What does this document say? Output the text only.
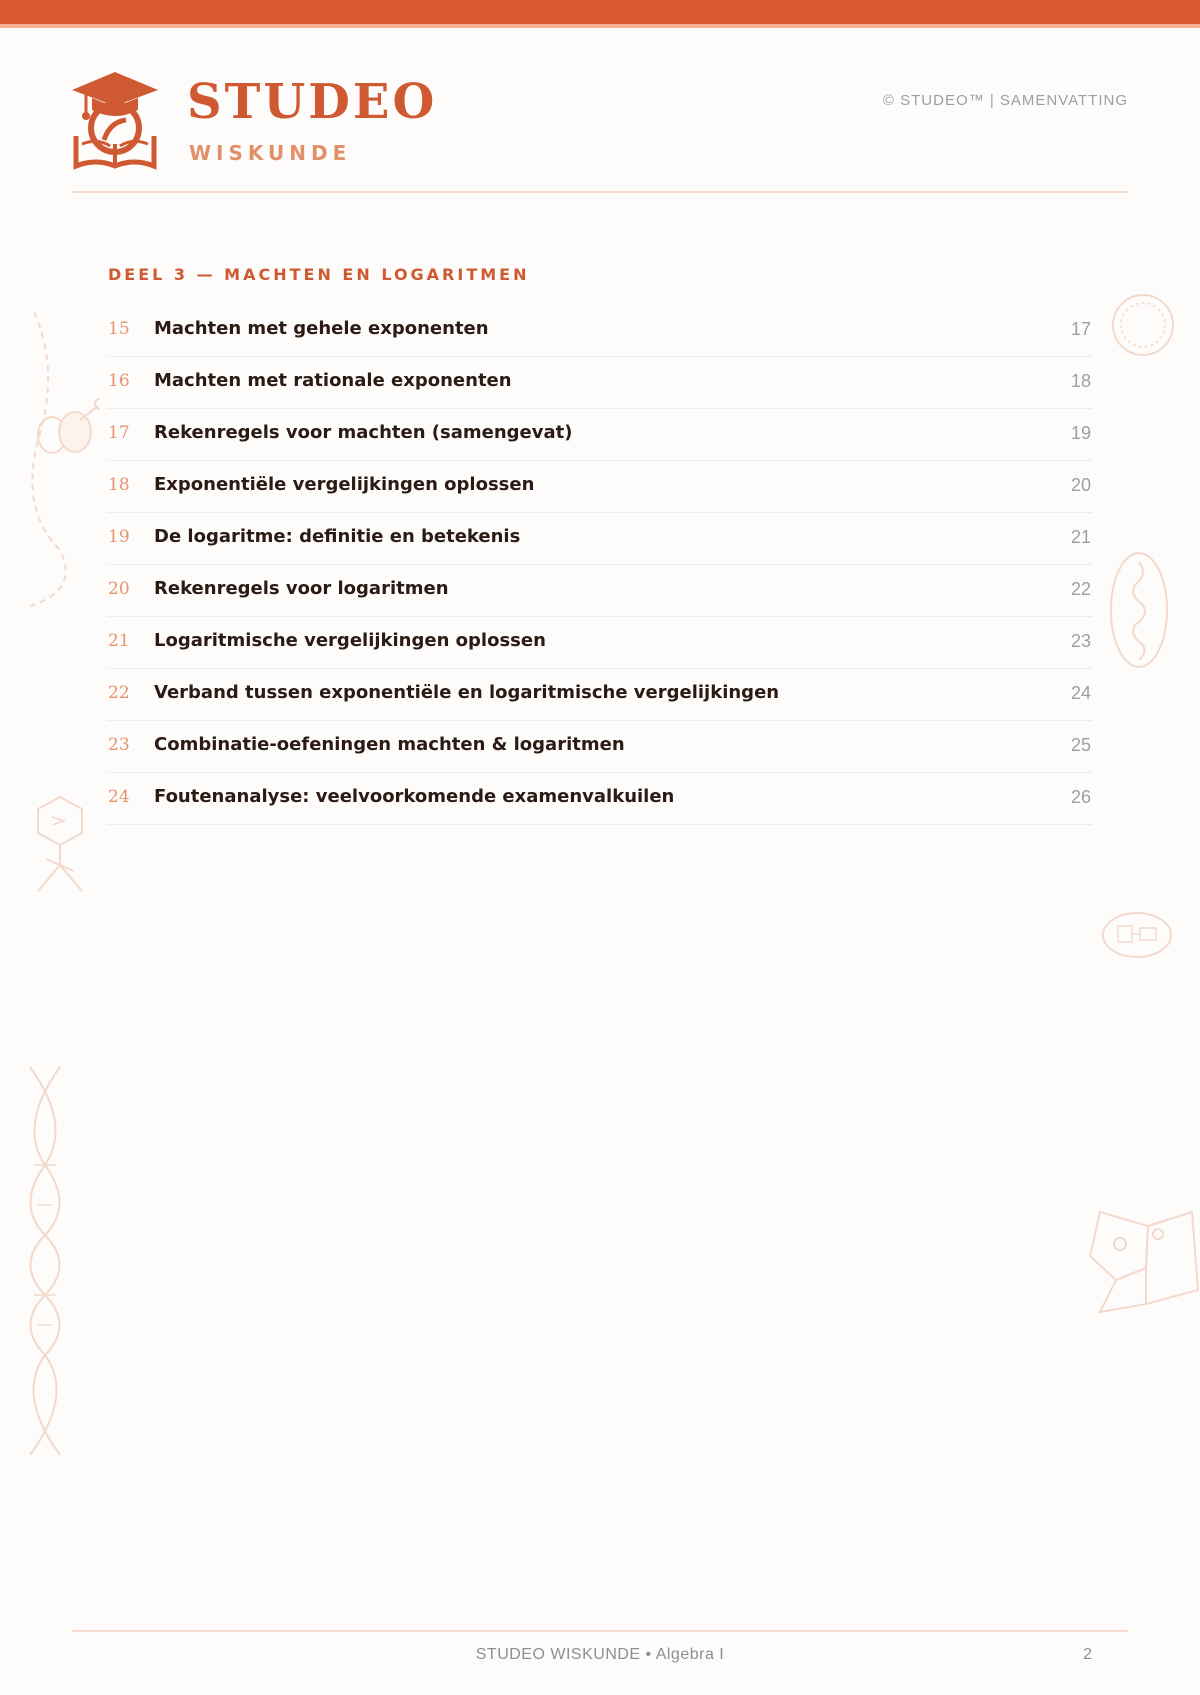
STUDEO
WISKUNDE
© STUDEO™ | SAMENVATTING
DEEL 3 — MACHTEN EN LOGARITMEN
15 Machten met gehele exponenten	17
16 Machten met rationale exponenten	18
17 Rekenregels voor machten (samengevat)	19
18 Exponentiële vergelijkingen oplossen	20
19 De logaritme: definitie en betekenis	21
20 Rekenregels voor logaritmen	22
21 Logaritmische vergelijkingen oplossen	23
22 Verband tussen exponentiële en logaritmische vergelijkingen	24
23 Combinatie-oefeningen machten & logaritmen	25
24 Foutenanalyse: veelvoorkomende examenvalkuilen	26
STUDEO WISKUNDE • Algebra I	2
